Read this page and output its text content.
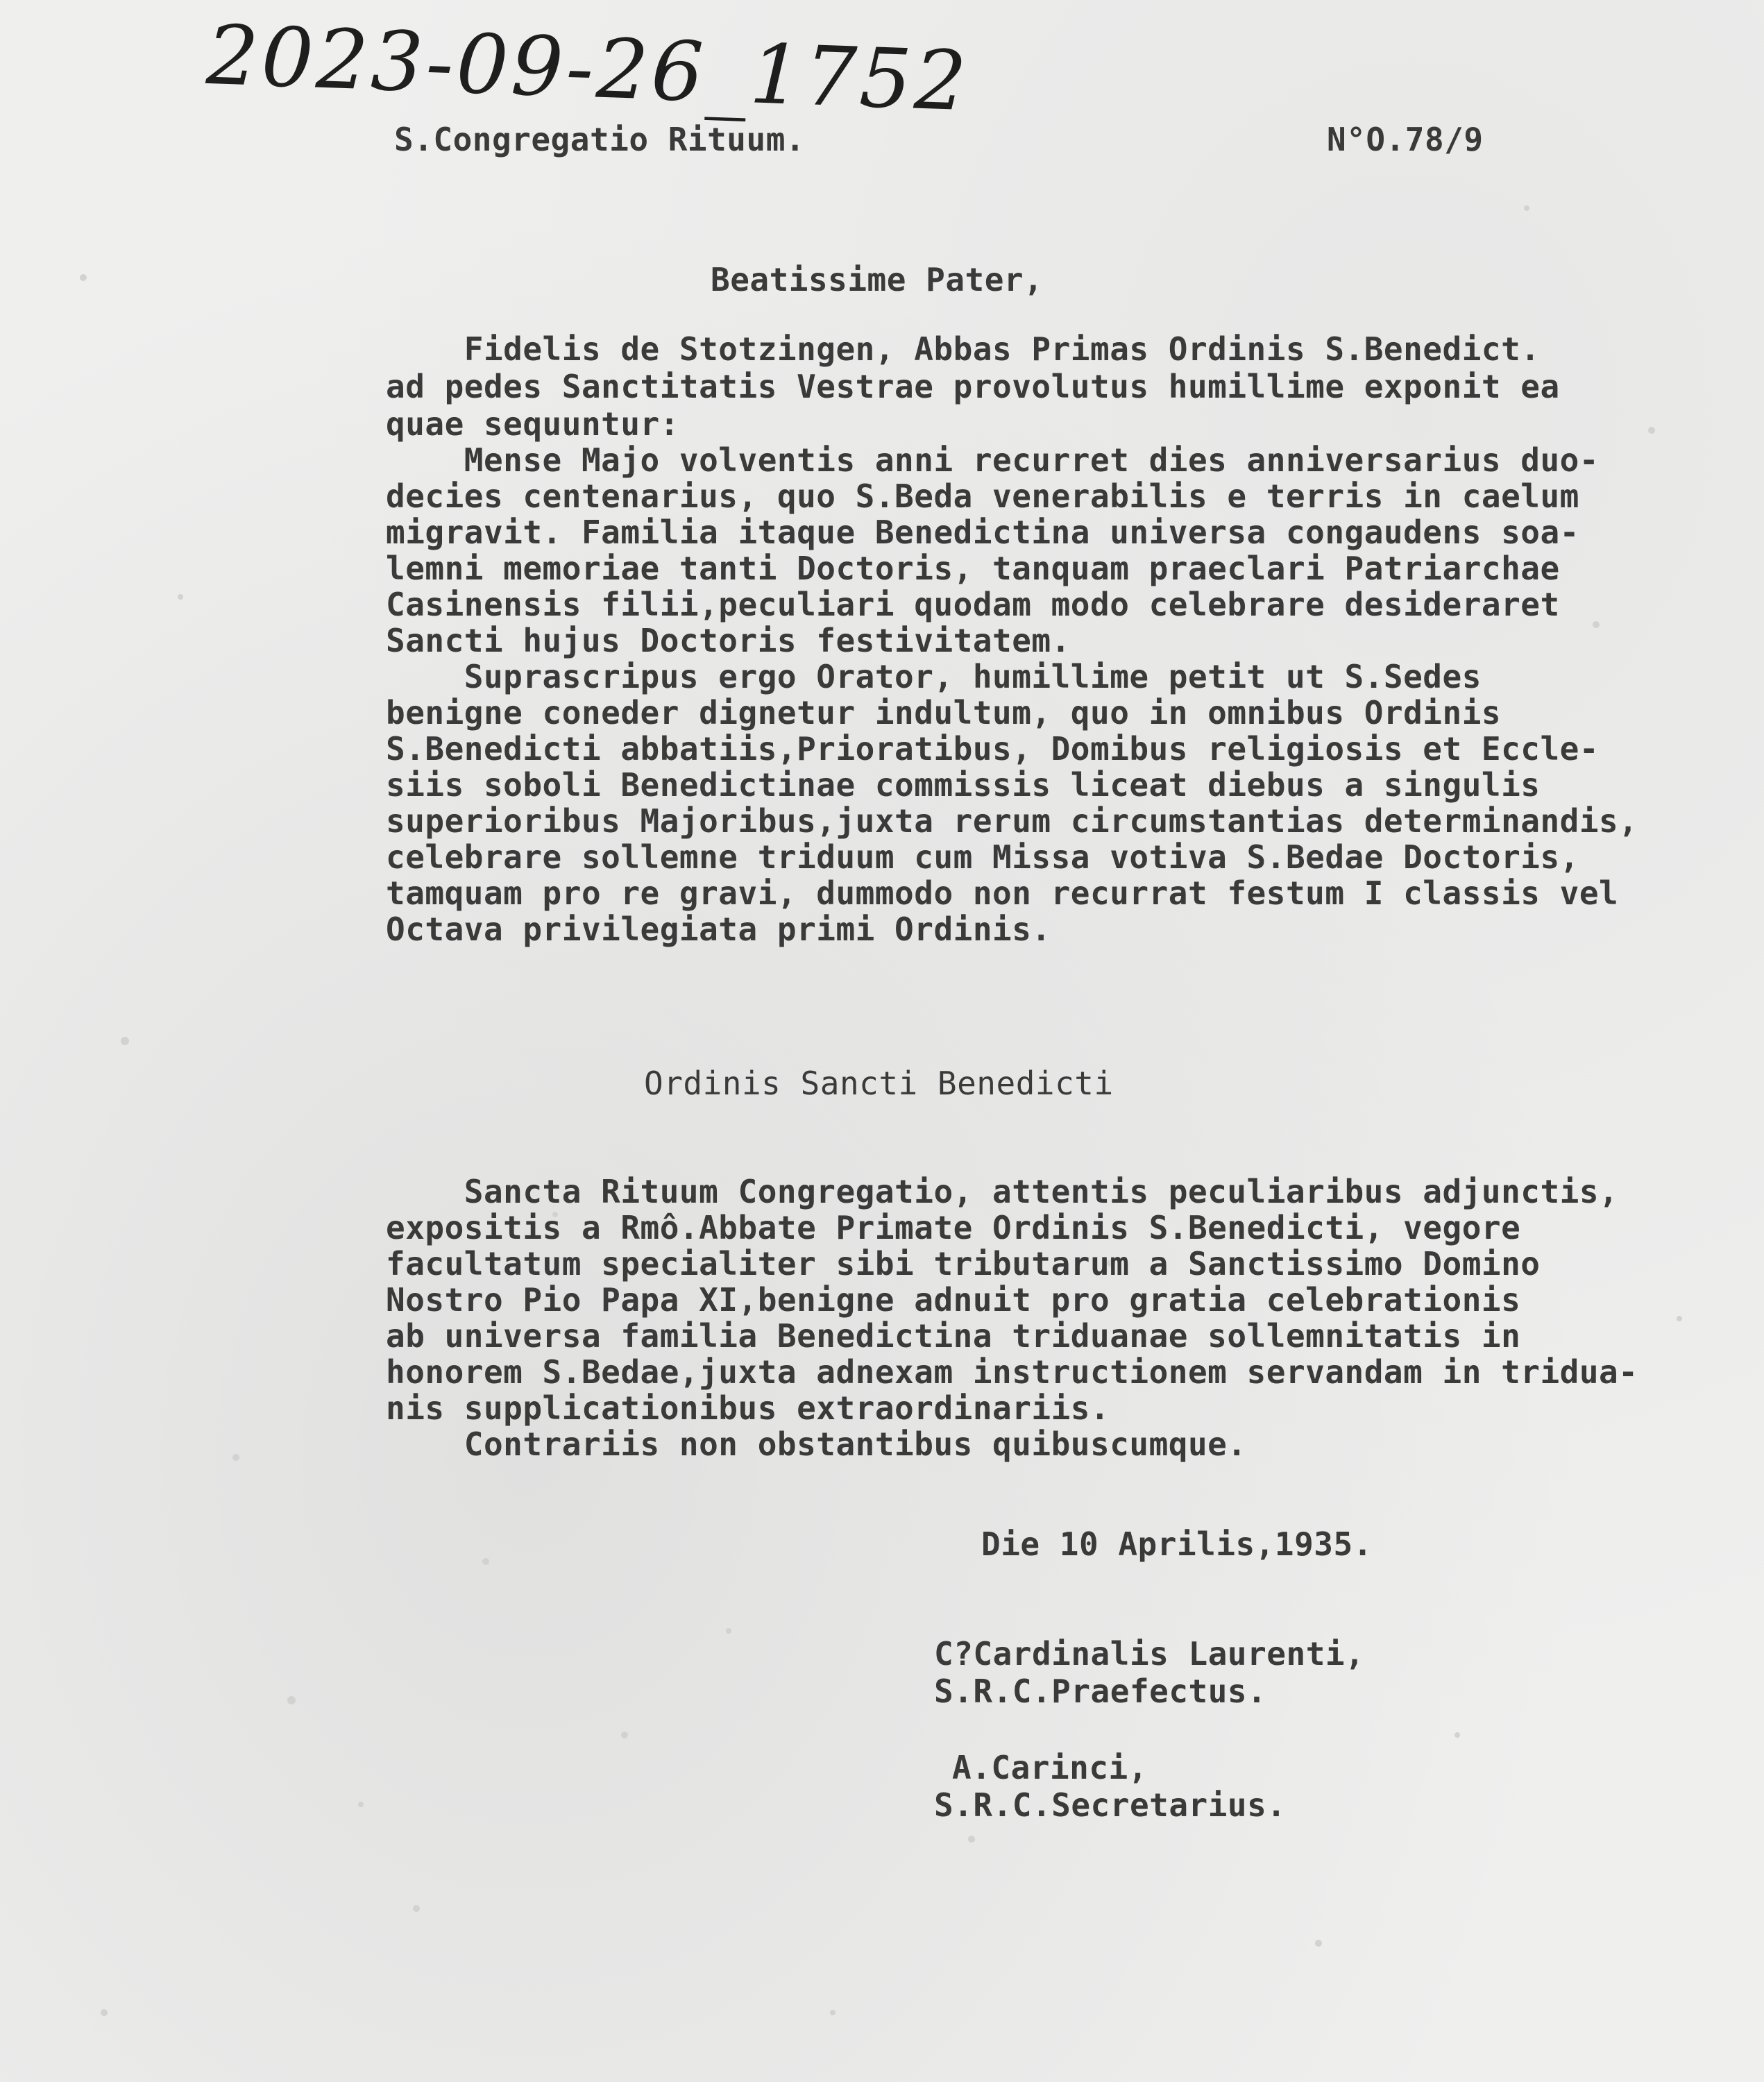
2023-09-26_1752
S.Congregatio Rituum.	N°O.78/9
Beatissime Pater,
Fidelis de Stotzingen, Abbas Primas Ordinis S.Benedict.
ad pedes Sanctitatis Vestrae provolutus humillime exponit ea
quae sequuntur:
Mense Majo volventis anni recurret dies anniversarius duo-
decies centenarius, quo S.Beda venerabilis e terris in caelum
migravit. Familia itaque Benedictina universa congaudens soa-
lemni memoriae tanti Doctoris, tanquam praeclari Patriarchae
Casinensis filii,peculiari quodam modo celebrare desideraret
Sancti hujus Doctoris festivitatem.
Suprascripus ergo Orator, humillime petit ut S.Sedes
benigne coneder dignetur indultum, quo in omnibus Ordinis
S.Benedicti abbatiis,Prioratibus, Domibus religiosis et Eccle-
siis soboli Benedictinae commissis liceat diebus a singulis
superioribus Majoribus,juxta rerum circumstantias determinandis,
celebrare sollemne triduum cum Missa votiva S.Bedae Doctoris,
tamquam pro re gravi, dummodo non recurrat festum I classis vel
Octava privilegiata primi Ordinis.
Ordinis Sancti Benedicti
Sancta Rituum Congregatio, attentis peculiaribus adjunctis,
expositis a Rmô.Abbate Primate Ordinis S.Benedicti, vegore
facultatum specialiter sibi tributarum a Sanctissimo Domino
Nostro Pio Papa XI,benigne adnuit pro gratia celebrationis
ab universa familia Benedictina triduanae sollemnitatis in
honorem S.Bedae,juxta adnexam instructionem servandam in tridua-
nis supplicationibus extraordinariis.
Contrariis non obstantibus quibuscumque.
Die 10 Aprilis,1935.
C?Cardinalis Laurenti,
S.R.C.Praefectus.
A.Carinci,
S.R.C.Secretarius.
